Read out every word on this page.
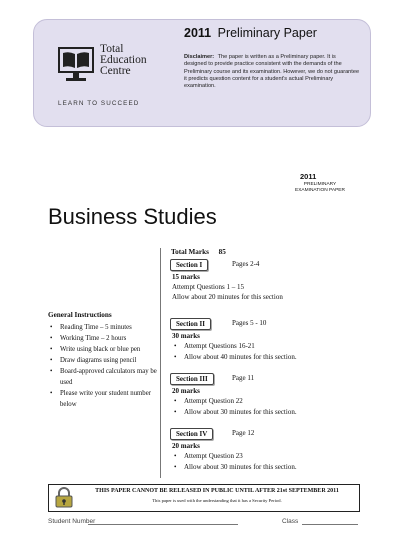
Total
Education
Centre
LEARN TO SUCCEED
2011 Preliminary Paper
Disclaimer: The paper is written as a Preliminary paper. It is designed to provide practice consistent with the demands of the Preliminary course and its examination. However, we do not guarantee it predicts question content for a student's actual Preliminary examination.
2011
PRELIMINARY
EXAMINATION PAPER
Business Studies
Total Marks 85
Section I	Pages 2-4
15 marks
Attempt Questions 1 – 15
Allow about 20 minutes for this section
Section II	Pages 5 - 10
30 marks
• Attempt Questions 16-21
• Allow about 40 minutes for this section.
Section III	Page 11
20 marks
• Attempt Question 22
• Allow about 30 minutes for this section.
Section IV	Page 12
20 marks
• Attempt Question 23
• Allow about 30 minutes for this section.
General Instructions
• Reading Time – 5 minutes
• Working Time – 2 hours
• Write using black or blue pen
• Draw diagrams using pencil
• Board-approved calculators may be used
• Please write your student number below
THIS PAPER CANNOT BE RELEASED IN PUBLIC UNTIL AFTER 21st SEPTEMBER 2011
This paper is used with the understanding that it has a Security Period.
Student Number	Class
